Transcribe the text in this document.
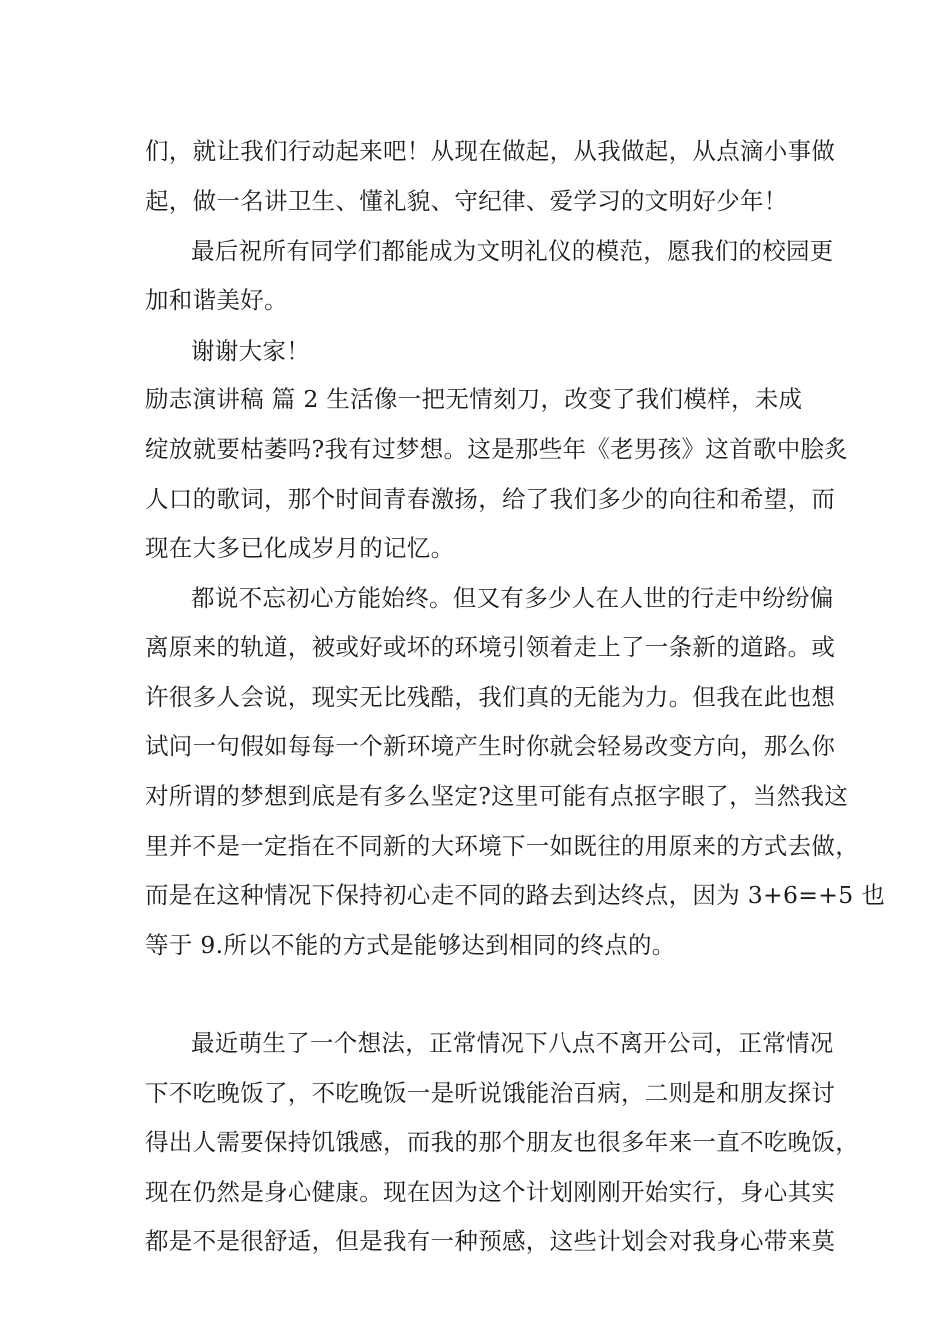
们，就让我们行动起来吧！从现在做起，从我做起，从点滴小事做
起，做一名讲卫生、懂礼貌、守纪律、爱学习的文明好少年！
最后祝所有同学们都能成为文明礼仪的模范，愿我们的校园更
加和谐美好。
谢谢大家！
励志演讲稿 篇 2 生活像一把无情刻刀，改变了我们模样，未成
绽放就要枯萎吗?我有过梦想。这是那些年《老男孩》这首歌中脍炙
人口的歌词，那个时间青春激扬，给了我们多少的向往和希望，而
现在大多已化成岁月的记忆。
都说不忘初心方能始终。但又有多少人在人世的行走中纷纷偏
离原来的轨道，被或好或坏的环境引领着走上了一条新的道路。或
许很多人会说，现实无比残酷，我们真的无能为力。但我在此也想
试问一句假如每每一个新环境产生时你就会轻易改变方向，那么你
对所谓的梦想到底是有多么坚定?这里可能有点抠字眼了，当然我这
里并不是一定指在不同新的大环境下一如既往的用原来的方式去做，
而是在这种情况下保持初心走不同的路去到达终点，因为 3+6=+5 也
等于 9.所以不能的方式是能够达到相同的终点的。
最近萌生了一个想法，正常情况下八点不离开公司，正常情况
下不吃晚饭了，不吃晚饭一是听说饿能治百病，二则是和朋友探讨
得出人需要保持饥饿感，而我的那个朋友也很多年来一直不吃晚饭，
现在仍然是身心健康。现在因为这个计划刚刚开始实行，身心其实
都是不是很舒适，但是我有一种预感，这些计划会对我身心带来莫
